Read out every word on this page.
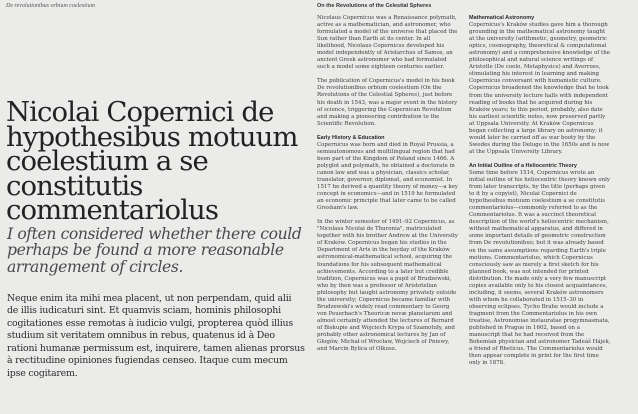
De revolutionibus orbium coelestium	On the Revolutions of the Celestial Spheres
Nicolai Copernici de hypothesibus motuum coelestium a se constitutis commentariolus
I often considered whether there could perhaps be found a more reasonable arrangement of circles.
Neque enim ita mihi mea placent, ut non perpendam, quid alii de illis iudicaturi sint. Et quamvis sciam, hominis philosophi cogitationes esse remotas à iudicio vulgi, propterea quòd illius studium sit veritatem omnibus in rebus, quatenus id à Deo rationi humanæ permissum est, inquirere, tamen alienas prorsus à rectitudine opiniones fugiendas censeo. Itaque cum mecum ipse cogitarem.

Nicolaus Copernicus was a Renaissance polymath, active as a mathematician, and astronomer, who formulated a model of the universe that placed the Sun rather than Earth at its center. In all likelihood, Nicolaus Copernicus developed his model independently of Aristarchus of Samos, an ancient Greek astronomer who had formulated such a model some eighteen centuries earlier.

The publication of Copernicus's model in his book De revolutionibus orbium coelestium (On the Revolutions of the Celestial Spheres), just before his death in 1543, was a major event in the history of science, triggering the Copernican Revolution and making a pioneering contribution to the Scientific Revolution.

Early History & Education

Copernicus was born and died in Royal Prussia, a semiautonomous and multilingual region that had been part of the Kingdom of Poland since 1466. A polyglot and polymath, he obtained a doctorate in canon law and was a physician, classics scholar, translator, governor, diplomat, and economist. In 1517 he derived a quantity theory of money—a key concept in economics—and in 1519 he formulated an economic principle that later came to be called Gresham's law.

In the winter semester of 1491–92 Copernicus, as "Nicolaus Nicolai de Thuronia", matriculated together with his brother Andrew at the University of Kraków. Copernicus began his studies in the Department of Arts in the heyday of the Kraków astronomical-mathematical school, acquiring the foundations for his subsequent mathematical achievements. According to a later but credible tradition, Copernicus was a pupil of Brudzewski, who by then was a professor of Aristotelian philosophy but taught astronomy privately outside the university; Copernicus became familiar with Brudzewski's widely read commentary to Georg von Peuerbach's Theoricæ novæ planetarum and almost certainly attended the lectures of Bernard of Biskupie and Wojciech Krypa of Szamotuły, and probably other astronomical lectures by Jan of Głogów, Michał of Wrocław, Wojciech of Pniewy, and Marcin Bylica of Olkusz.

Mathematical Astronomy

Copernicus's Kraków studies gave him a thorough grounding in the mathematical astronomy taught at the university (arithmetic, geometry, geometric optics, cosmography, theoretical & computational astronomy) and a comprehensive knowledge of the philosophical and natural science writings of Aristotle (De coelo, Metaphysics) and Averroes, stimulating his interest in learning and making Copernicus conversant with humanistic culture. Copernicus broadened the knowledge that he took from the university lecture halls with independent reading of books that he acquired during his Kraków years; to this period, probably, also date his earliest scientific notes, now preserved partly at Uppsala University. At Kraków Copernicus began collecting a large library on astronomy; it would later be carried off as war booty by the Swedes during the Deluge in the 1650s and is now at the Uppsala University Library.

An Initial Outline of a Heliocentric Theory

Some time before 1514, Copernicus wrote an initial outline of his heliocentric theory known only from later transcripts, by the title (perhaps given to it by a copyist), Nicolai Copernici de hypothesibus motuum coelestium a se constitutis commentariolus—commonly referred to as the Commentariolus. It was a succinct theoretical description of the world's heliocentric mechanism, without mathematical apparatus, and differed in some important details of geometric construction from De revolutionibus; but it was already based on the same assumptions regarding Earth's triple motions. Commentariolus, which Copernicus consciously saw as merely a first sketch for his planned book, was not intended for printed distribution. He made only a very few manuscript copies available only to his closest acquaintances, including, it seems, several Kraków astronomers with whom he collaborated in 1515–30 in observing eclipses. Tycho Brahe would include a fragment from the Commentariolus in his own treatise, Astronomiae instauratae progymnasmata, published in Prague in 1602, based on a manuscript that he had received from the Bohemian physician and astronomer Tadeáš Hájek, a friend of Rheticus. The Commentariolus would then appear complete in print for the first time only in 1878.
